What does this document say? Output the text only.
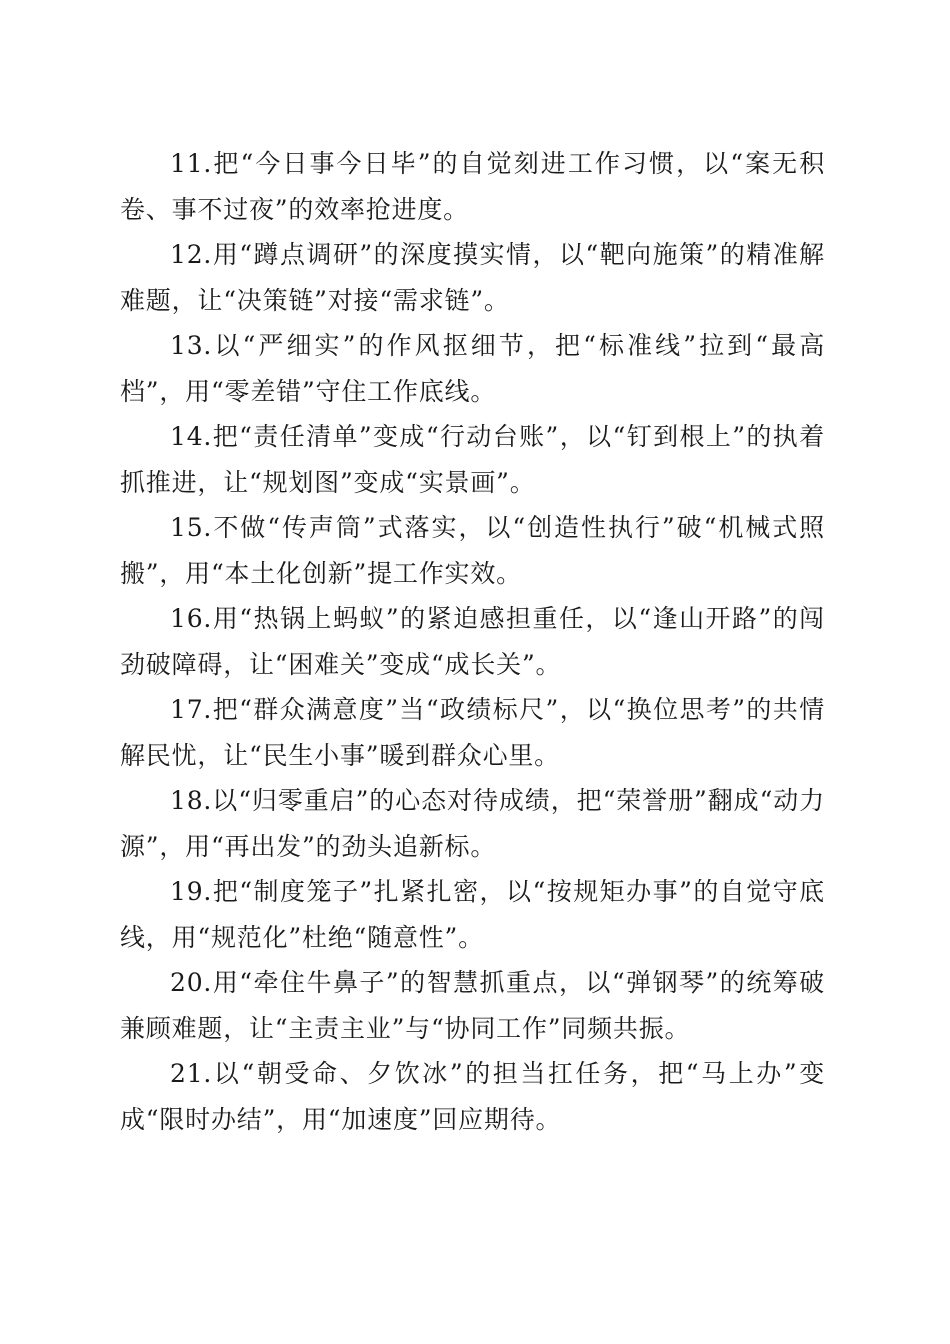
11.把“今日事今日毕”的自觉刻进工作习惯，以“案无积卷、事不过夜”的效率抢进度。

12.用“蹲点调研”的深度摸实情，以“靶向施策”的精准解难题，让“决策链”对接“需求链”。

13.以“严细实”的作风抠细节，把“标准线”拉到“最高档”，用“零差错”守住工作底线。

14.把“责任清单”变成“行动台账”，以“钉到根上”的执着抓推进，让“规划图”变成“实景画”。

15.不做“传声筒”式落实，以“创造性执行”破“机械式照搬”，用“本土化创新”提工作实效。

16.用“热锅上蚂蚁”的紧迫感担重任，以“逢山开路”的闯劲破障碍，让“困难关”变成“成长关”。

17.把“群众满意度”当“政绩标尺”，以“换位思考”的共情解民忧，让“民生小事”暖到群众心里。

18.以“归零重启”的心态对待成绩，把“荣誉册”翻成“动力源”，用“再出发”的劲头追新标。

19.把“制度笼子”扎紧扎密，以“按规矩办事”的自觉守底线，用“规范化”杜绝“随意性”。

20.用“牵住牛鼻子”的智慧抓重点，以“弹钢琴”的统筹破兼顾难题，让“主责主业”与“协同工作”同频共振。

21.以“朝受命、夕饮冰”的担当扛任务，把“马上办”变成“限时办结”，用“加速度”回应期待。
